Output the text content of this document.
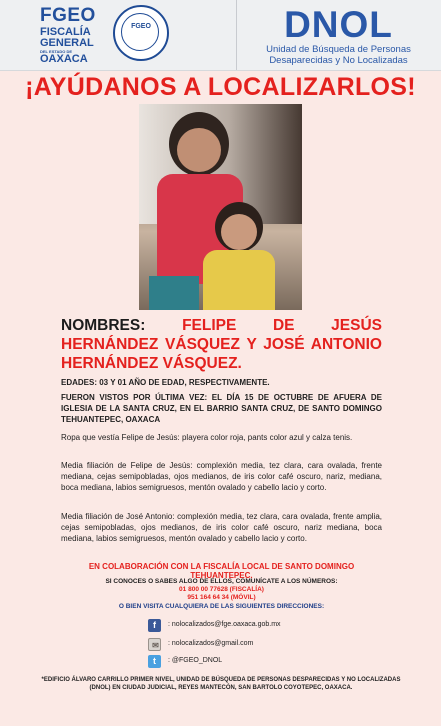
FGEO
FISCALÍA
GENERAL
DEL ESTADO DE
OAXACA
FGEO	DNOL
Unidad de Búsqueda de Personas
Desaparecidas y No Localizadas
¡AYÚDANOS A LOCALIZARLOS!
NOMBRES: FELIPE DE JESÚS HERNÁNDEZ VÁSQUEZ Y JOSÉ ANTONIO HERNÁNDEZ VÁSQUEZ.
EDADES: 03 Y 01 AÑO DE EDAD, RESPECTIVAMENTE.
FUERON VISTOS POR ÚLTIMA VEZ: EL DÍA 15 DE OCTUBRE DE AFUERA DE IGLESIA DE LA SANTA CRUZ, EN EL BARRIO SANTA CRUZ, DE SANTO DOMINGO TEHUANTEPEC, OAXACA
Ropa que vestía Felipe de Jesús: playera color roja, pants color azul y calza tenis.
Media filiación de Felipe de Jesús: complexión media, tez clara, cara ovalada, frente mediana, cejas semipobladas, ojos medianos, de iris color café oscuro, nariz, mediana, boca mediana, labios semigruesos, mentón ovalado y cabello lacio y corto.
Media filiación de José Antonio: complexión media, tez clara, cara ovalada, frente amplia, cejas semipobladas, ojos medianos, de iris color café oscuro, nariz mediana, boca mediana, labios semigruesos, mentón ovalado y cabello lacio y corto.
EN COLABORACIÓN CON LA FISCALÍA LOCAL DE SANTO DOMINGO TEHUANTEPEC.
SI CONOCES O SABES ALGO DE ELLOS, COMUNÍCATE A LOS NÚMEROS:
01 800 00 77628 (FISCALÍA)
951 164 64 34 (MÓVIL)
O BIEN VISITA CUALQUIERA DE LAS SIGUIENTES DIRECCIONES:
f	: nolocalizados@fge.oaxaca.gob.mx
✉	: nolocalizados@gmail.com
t	: @FGEO_DNOL
*EDIFICIO ÁLVARO CARRILLO PRIMER NIVEL, UNIDAD DE BÚSQUEDA DE PERSONAS DESPARECIDAS Y NO LOCALIZADAS (DNOL) EN CIUDAD JUDICIAL, REYES MANTECÓN, SAN BARTOLO COYOTEPEC, OAXACA.
